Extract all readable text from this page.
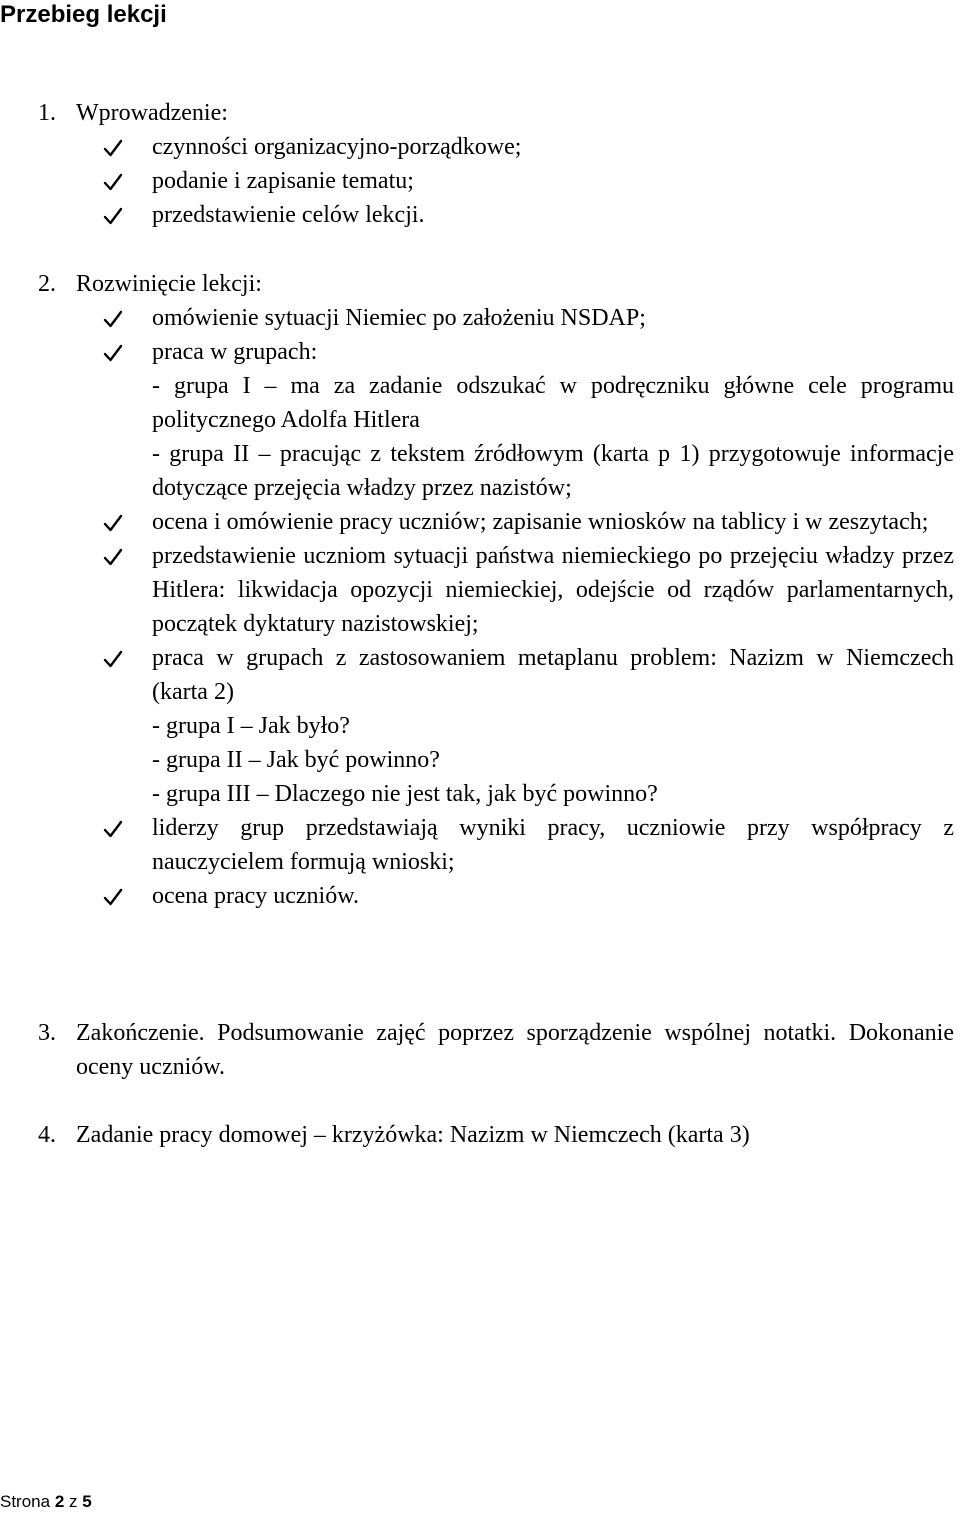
Przebieg lekcji
1. Wprowadzenie:
czynności organizacyjno-porządkowe;
podanie i zapisanie tematu;
przedstawienie celów lekcji.
2. Rozwinięcie lekcji:
omówienie sytuacji Niemiec po założeniu NSDAP;
praca w grupach:
- grupa I – ma za zadanie odszukać w podręczniku główne cele programu politycznego Adolfa Hitlera
- grupa II – pracując z tekstem źródłowym (karta p 1) przygotowuje informacje dotyczące przejęcia władzy przez nazistów;
ocena i omówienie pracy uczniów; zapisanie wniosków na tablicy i w zeszytach;
przedstawienie uczniom sytuacji państwa niemieckiego po przejęciu władzy przez Hitlera: likwidacja opozycji niemieckiej, odejście od rządów parlamentarnych, początek dyktatury nazistowskiej;
praca w grupach z zastosowaniem metaplanu problem: Nazizm w Niemczech (karta 2)
- grupa I – Jak było?
- grupa II – Jak być powinno?
- grupa III – Dlaczego nie jest tak, jak być powinno?
liderzy grup przedstawiają wyniki pracy, uczniowie przy współpracy z nauczycielem formują wnioski;
ocena pracy uczniów.
3. Zakończenie. Podsumowanie zajęć poprzez sporządzenie wspólnej notatki. Dokonanie oceny uczniów.
4. Zadanie pracy domowej – krzyżówka: Nazizm w Niemczech (karta 3)
Strona 2 z 5
